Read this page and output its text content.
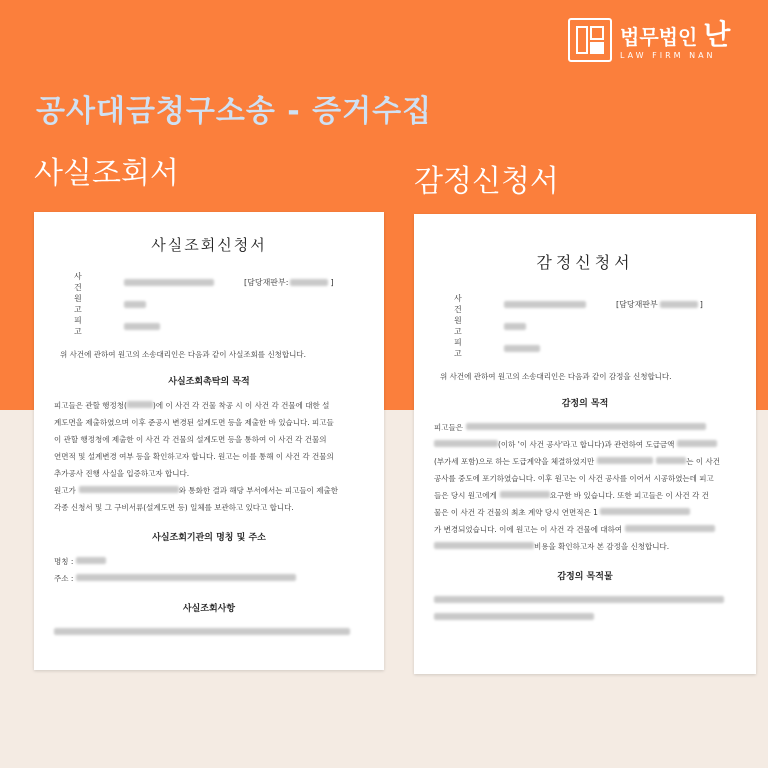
법무법인 난
LAW FIRM NAN
공사대금청구소송 - 증거수집
사실조회서	감정신청서
사실조회신청서
사건
[담당재판부:	]
원고
피고
위 사건에 관하여 원고의 소송대리인은 다음과 같이 사실조회를 신청합니다.
사실조회촉탁의 목적
피고들은 관할 행정청(	)에 이 사건 각 건물 착공 시 이 사건 각 건물에 대한 설
계도면을 제출하였으며 이후 준공시 변경된 설계도면 등을 제출한 바 있습니다. 피고들
이 관할 행정청에 제출한 이 사건 각 건물의 설계도면 등을 통하여 이 사건 각 건물의
연면적 및 설계변경 여부 등을 확인하고자 합니다. 원고는 이를 통해 이 사건 각 건물의
추가공사 진행 사실을 입증하고자 합니다.
원고가	와 통화한 결과 해당 부서에서는 피고들이 제출한
각종 신청서 및 그 구비서류(설계도면 등) 일체를 보관하고 있다고 합니다.
사실조회기관의 명칭 및 주소
명칭 :
주소 :
사실조회사항
감정신청서
사건
[담당재판부	]
원고
피고
위 사건에 관하여 원고의 소송대리인은 다음과 같이 감정을 신청합니다.
감정의 목적
피고들은
(이하 '이 사건 공사'라고 합니다)과 관련하여 도급금액
(부가세 포함)으로 하는 도급계약을 체결하였지만	는 이 사건
공사를 중도에 포기하였습니다. 이후 원고는 이 사건 공사를 이어서 시공하였는데 피고
들은 당시 원고에게	요구한 바 있습니다. 또한 피고들은 이 사건 각 건
물은 이 사건 각 건물의 최초 계약 당시 연면적은 1
가 변경되었습니다. 이에 원고는 이 사건 각 건물에 대하여
비용을 확인하고자 본 감정을 신청합니다.
감정의 목적물
